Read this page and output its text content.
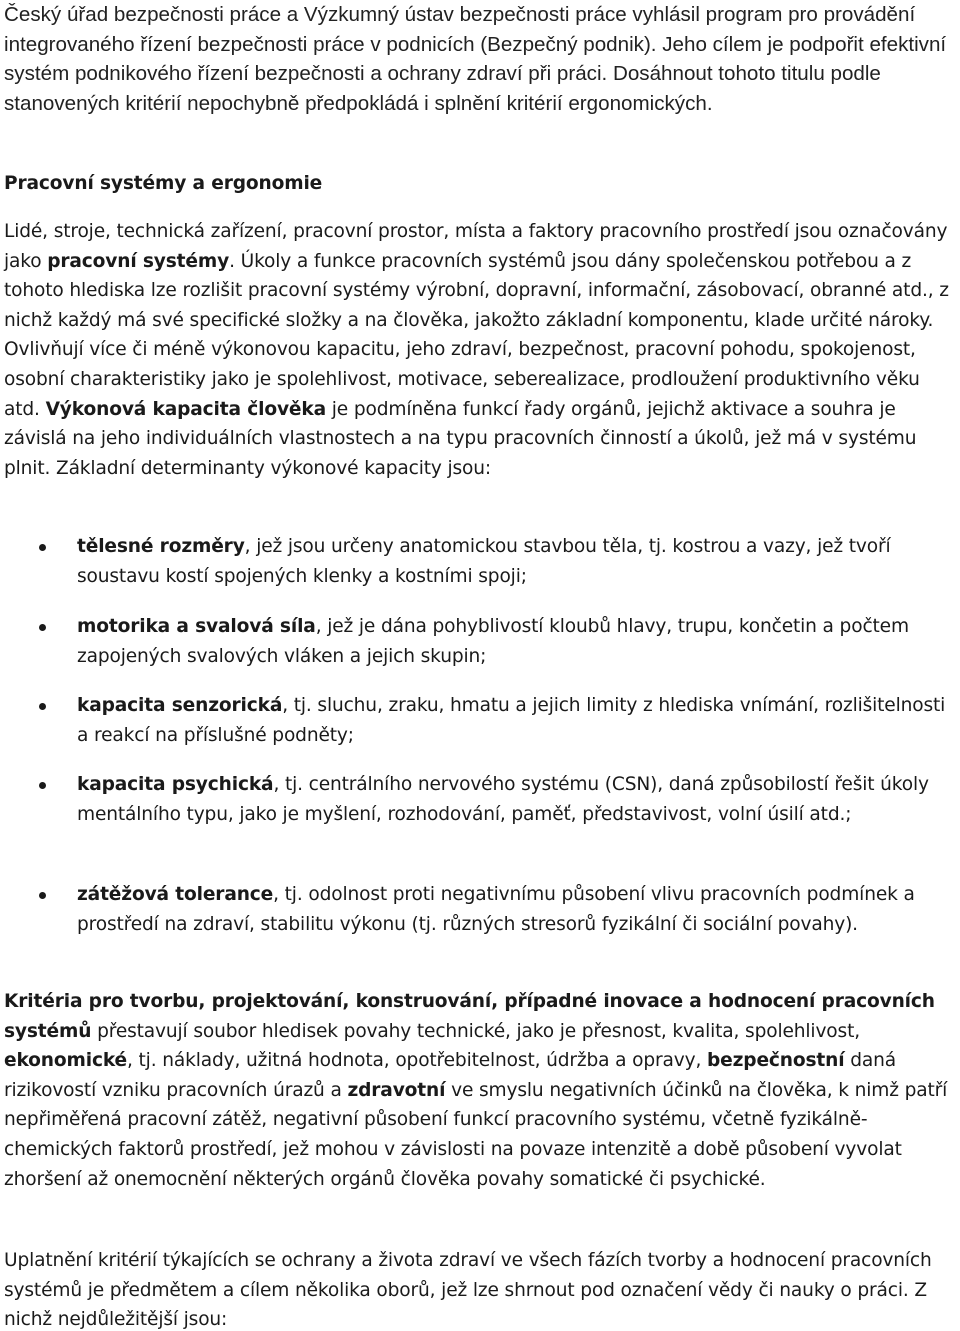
Český úřad bezpečnosti práce a Výzkumný ústav bezpečnosti práce vyhlásil program pro provádění integrovaného řízení bezpečnosti práce v podnicích (Bezpečný podnik). Jeho cílem je podpořit efektivní systém podnikového řízení bezpečnosti a ochrany zdraví při práci. Dosáhnout tohoto titulu podle stanovených kritérií nepochybně předpokládá i splnění kritérií ergonomických.

Pracovní systémy a ergonomie

Lidé, stroje, technická zařízení, pracovní prostor, místa a faktory pracovního prostředí jsou označovány jako pracovní systémy. Úkoly a funkce pracovních systémů jsou dány společenskou potřebou a z tohoto hlediska lze rozlišit pracovní systémy výrobní, dopravní, informační, zásobovací, obranné atd., z nichž každý má své specifické složky a na člověka, jakožto základní komponentu, klade určité nároky. Ovlivňují více či méně výkonovou kapacitu, jeho zdraví, bezpečnost, pracovní pohodu, spokojenost, osobní charakteristiky jako je spolehlivost, motivace, seberealizace, prodloužení produktivního věku atd. Výkonová kapacita člověka je podmíněna funkcí řady orgánů, jejichž aktivace a souhra je závislá na jeho individuálních vlastnostech a na typu pracovních činností a úkolů, jež má v systému plnit. Základní determinanty výkonové kapacity jsou:

tělesné rozměry, jež jsou určeny anatomickou stavbou těla, tj. kostrou a vazy, jež tvoří soustavu kostí spojených klenky a kostními spoji;

motorika a svalová síla, jež je dána pohyblivostí kloubů hlavy, trupu, končetin a počtem zapojených svalových vláken a jejich skupin;

kapacita senzorická, tj. sluchu, zraku, hmatu a jejich limity z hlediska vnímání, rozlišitelnosti a reakcí na příslušné podněty;

kapacita psychická, tj. centrálního nervového systému (CSN), daná způsobilostí řešit úkoly mentálního typu, jako je myšlení, rozhodování, paměť, představivost, volní úsilí atd.;

zátěžová tolerance, tj. odolnost proti negativnímu působení vlivu pracovních podmínek a prostředí na zdraví, stabilitu výkonu (tj. různých stresorů fyzikální či sociální povahy).

Kritéria pro tvorbu, projektování, konstruování, případné inovace a hodnocení pracovních systémů přestavují soubor hledisek povahy technické, jako je přesnost, kvalita, spolehlivost, ekonomické, tj. náklady, užitná hodnota, opotřebitelnost, údržba a opravy, bezpečnostní daná rizikovostí vzniku pracovních úrazů a zdravotní ve smyslu negativních účinků na člověka, k nimž patří nepřiměřená pracovní zátěž, negativní působení funkcí pracovního systému, včetně fyzikálně-chemických faktorů prostředí, jež mohou v závislosti na povaze intenzitě a době působení vyvolat zhoršení až onemocnění některých orgánů člověka povahy somatické či psychické.

Uplatnění kritérií týkajících se ochrany a života zdraví ve všech fázích tvorby a hodnocení pracovních systémů je předmětem a cílem několika oborů, jež lze shrnout pod označení vědy či nauky o práci. Z nichž nejdůležitější jsou:
